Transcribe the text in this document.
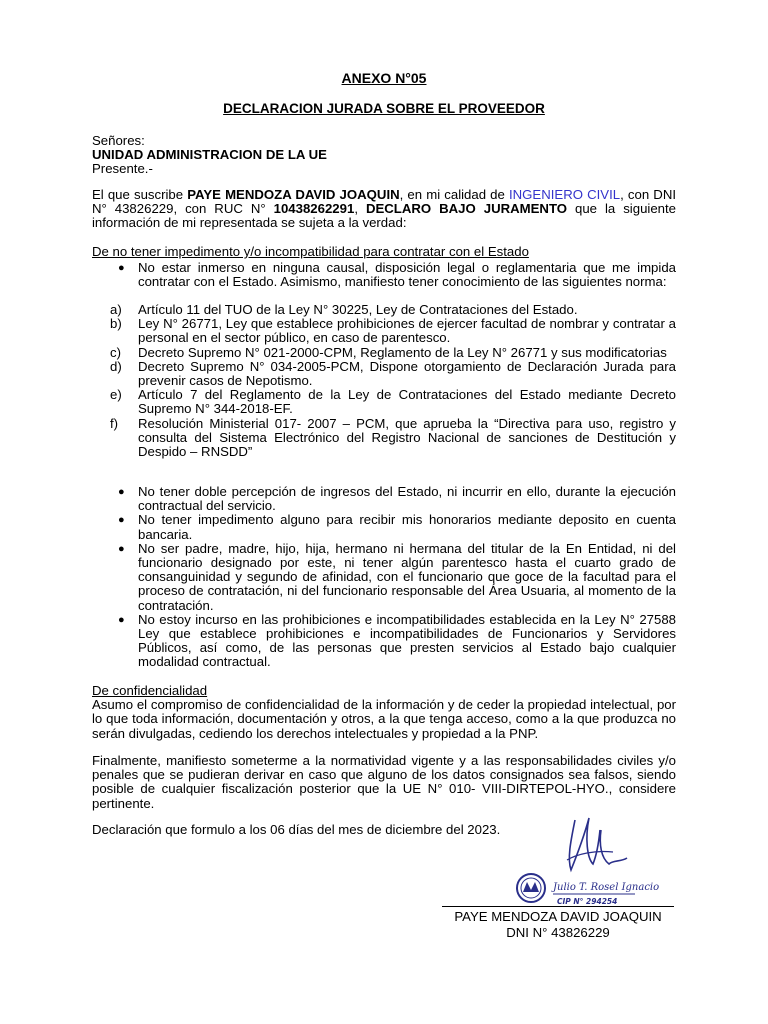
ANEXO N°05
DECLARACION JURADA SOBRE EL PROVEEDOR
Señores:
UNIDAD ADMINISTRACION DE LA UE
Presente.-
El que suscribe PAYE MENDOZA DAVID JOAQUIN, en mi calidad de INGENIERO CIVIL, con DNI N° 43826229, con RUC N° 10438262291, DECLARO BAJO JURAMENTO que la siguiente información de mi representada se sujeta a la verdad:
De no tener impedimento y/o incompatibilidad para contratar con el Estado
● No estar inmerso en ninguna causal, disposición legal o reglamentaria que me impida contratar con el Estado. Asimismo, manifiesto tener conocimiento de las siguientes norma:
a) Artículo 11 del TUO de la Ley N° 30225, Ley de Contrataciones del Estado.
b) Ley N° 26771, Ley que establece prohibiciones de ejercer facultad de nombrar y contratar a personal en el sector público, en caso de parentesco.
c) Decreto Supremo N° 021-2000-CPM, Reglamento de la Ley N° 26771 y sus modificatorias
d) Decreto Supremo N° 034-2005-PCM, Dispone otorgamiento de Declaración Jurada para prevenir casos de Nepotismo.
e) Artículo 7 del Reglamento de la Ley de Contrataciones del Estado mediante Decreto Supremo N° 344-2018-EF.
f) Resolución Ministerial 017- 2007 – PCM, que aprueba la “Directiva para uso, registro y consulta del Sistema Electrónico del Registro Nacional de sanciones de Destitución y Despido – RNSDD”
● No tener doble percepción de ingresos del Estado, ni incurrir en ello, durante la ejecución contractual del servicio.
● No tener impedimento alguno para recibir mis honorarios mediante deposito en cuenta bancaria.
● No ser padre, madre, hijo, hija, hermano ni hermana del titular de la En Entidad, ni del funcionario designado por este, ni tener algún parentesco hasta el cuarto grado de consanguinidad y segundo de afinidad, con el funcionario que goce de la facultad para el proceso de contratación, ni del funcionario responsable del Área Usuaria, al momento de la contratación.
● No estoy incurso en las prohibiciones e incompatibilidades establecida en la Ley N° 27588 Ley que establece prohibiciones e incompatibilidades de Funcionarios y Servidores Públicos, así como, de las personas que presten servicios al Estado bajo cualquier modalidad contractual.
De confidencialidad
Asumo el compromiso de confidencialidad de la información y de ceder la propiedad intelectual, por lo que toda información, documentación y otros, a la que tenga acceso, como a la que produzca no serán divulgadas, cediendo los derechos intelectuales y propiedad a la PNP.
Finalmente, manifiesto someterme a la normatividad vigente y a las responsabilidades civiles y/o penales que se pudieran derivar en caso que alguno de los datos consignados sea falsos, siendo posible de cualquier fiscalización posterior que la UE N° 010- VIII-DIRTEPOL-HYO., considere pertinente.
Declaración que formulo a los 06 días del mes de diciembre del 2023.
Julio T. Rosel Ignacio
CIP N° 294254
PAYE MENDOZA DAVID JOAQUIN
DNI N° 43826229
